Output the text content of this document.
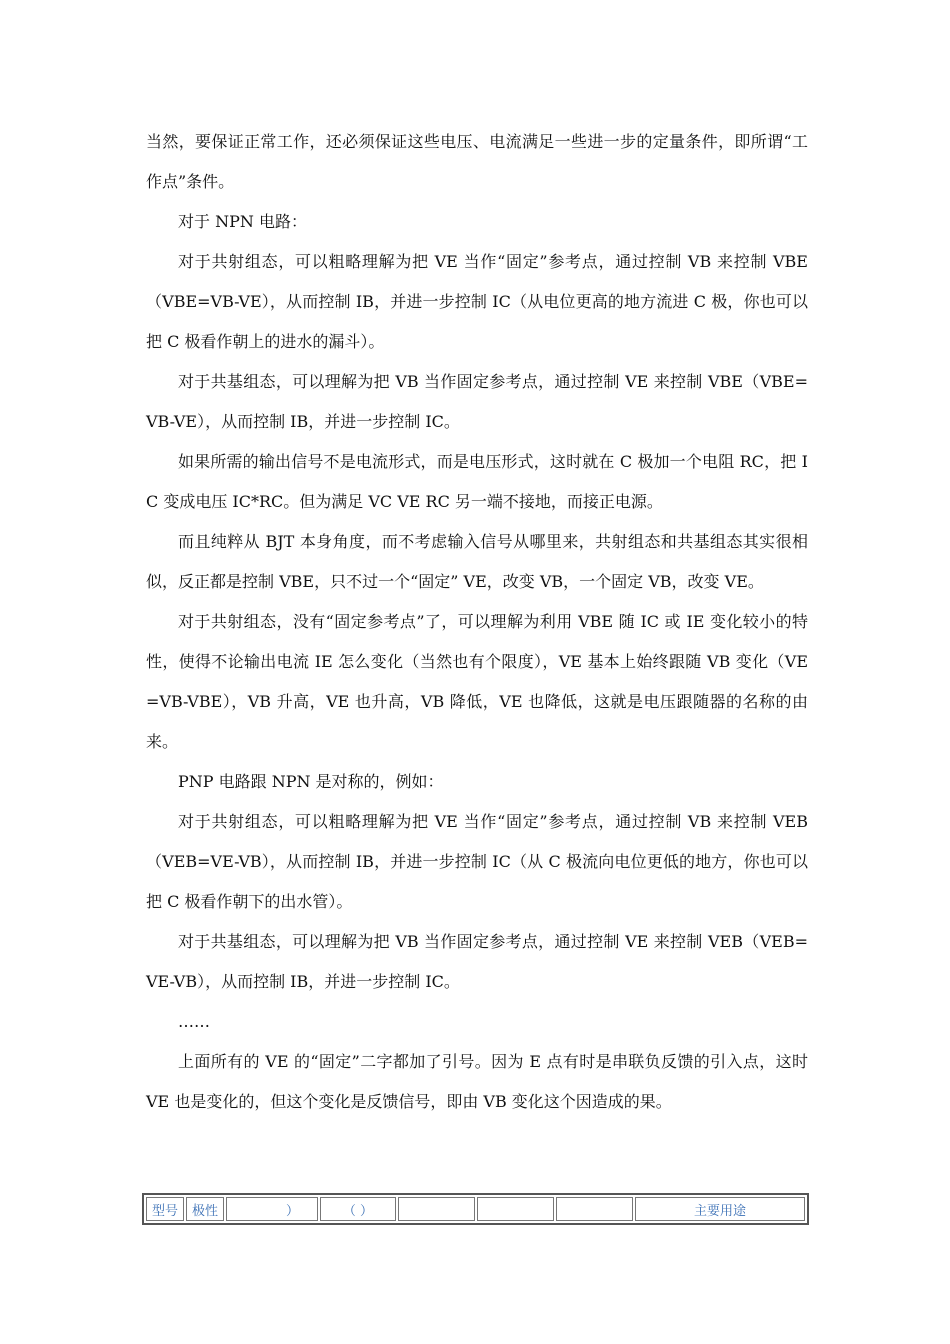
当然，要保证正常工作，还必须保证这些电压、电流满足一些进一步的定量条件，即所谓“工作点”条件。

对于 NPN 电路：

对于共射组态，可以粗略理解为把 VE 当作“固定”参考点，通过控制 VB 来控制 VBE（VBE=VB-VE），从而控制 IB，并进一步控制 IC（从电位更高的地方流进 C 极，你也可以把 C 极看作朝上的进水的漏斗）。

对于共基组态，可以理解为把 VB 当作固定参考点，通过控制 VE 来控制 VBE（VBE=VB-VE），从而控制 IB，并进一步控制 IC。

如果所需的输出信号不是电流形式，而是电压形式，这时就在 C 极加一个电阻 RC，把 IC 变成电压 IC*RC。但为满足 VC VE RC 另一端不接地，而接正电源。

而且纯粹从 BJT 本身角度，而不考虑输入信号从哪里来，共射组态和共基组态其实很相似，反正都是控制 VBE，只不过一个“固定” VE，改变 VB，一个固定 VB，改变 VE。

对于共射组态，没有“固定参考点”了，可以理解为利用 VBE 随 IC 或 IE 变化较小的特性，使得不论输出电流 IE 怎么变化（当然也有个限度），VE 基本上始终跟随 VB 变化（VE=VB-VBE），VB 升高，VE 也升高，VB 降低，VE 也降低，这就是电压跟随器的名称的由来。

PNP 电路跟 NPN 是对称的，例如：

对于共射组态，可以粗略理解为把 VE 当作“固定”参考点，通过控制 VB 来控制 VEB（VEB=VE-VB），从而控制 IB，并进一步控制 IC（从 C 极流向电位更低的地方，你也可以把 C 极看作朝下的出水管）。

对于共基组态，可以理解为把 VB 当作固定参考点，通过控制 VE 来控制 VEB（VEB=VE-VB），从而控制 IB，并进一步控制 IC。

……

上面所有的 VE 的“固定”二字都加了引号。因为 E 点有时是串联负反馈的引入点，这时 VE 也是变化的，但这个变化是反馈信号，即由 VB 变化这个因造成的果。

型号	极性	）	（ ）				主要用途
